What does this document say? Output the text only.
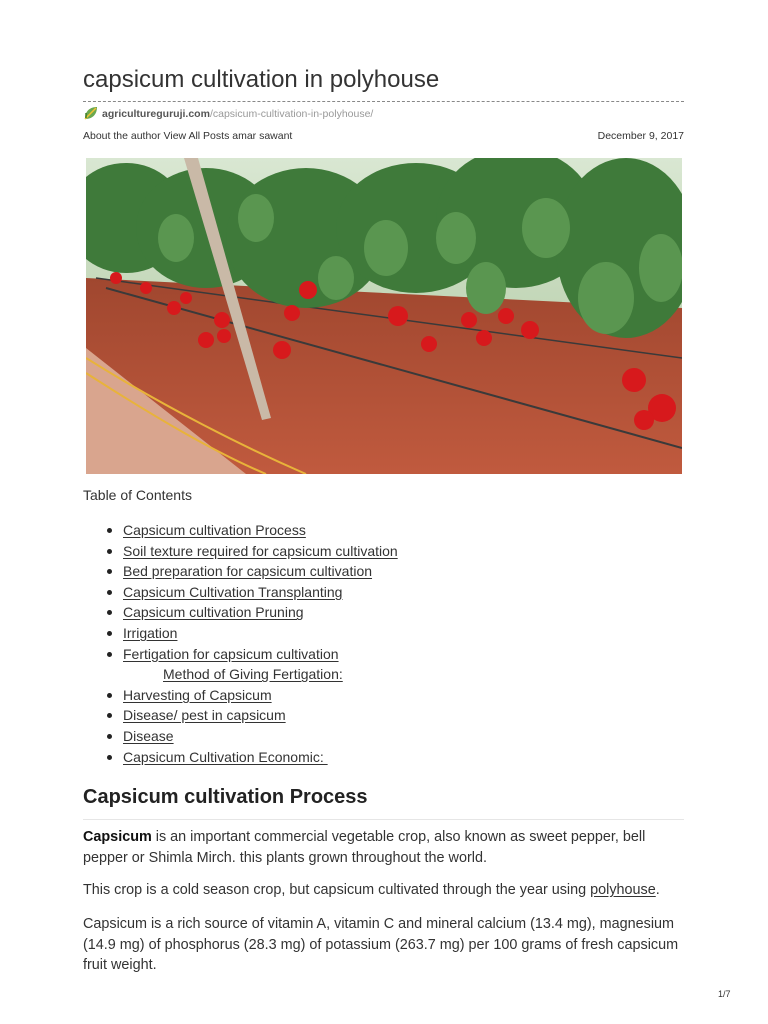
capsicum cultivation in polyhouse
agricultureguruji.com/capsicum-cultivation-in-polyhouse/
About the author View All Posts amar sawant	December 9, 2017
Table of Contents
Capsicum cultivation Process
Soil texture required for capsicum cultivation
Bed preparation for capsicum cultivation
Capsicum Cultivation Transplanting
Capsicum cultivation Pruning
Irrigation
Fertigation for capsicum cultivation
Method of Giving Fertigation:
Harvesting of Capsicum
Disease/ pest in capsicum
Disease
Capsicum Cultivation Economic:
Capsicum cultivation Process

Capsicum is an important commercial vegetable crop, also known as sweet pepper, bell pepper or Shimla Mirch. this plants grown throughout the world.

This crop is a cold season crop, but capsicum cultivated through the year using polyhouse.

Capsicum is a rich source of vitamin A, vitamin C and mineral calcium (13.4 mg), magnesium (14.9 mg) of phosphorus (28.3 mg) of potassium (263.7 mg) per 100 grams of fresh capsicum fruit weight.

1/7
